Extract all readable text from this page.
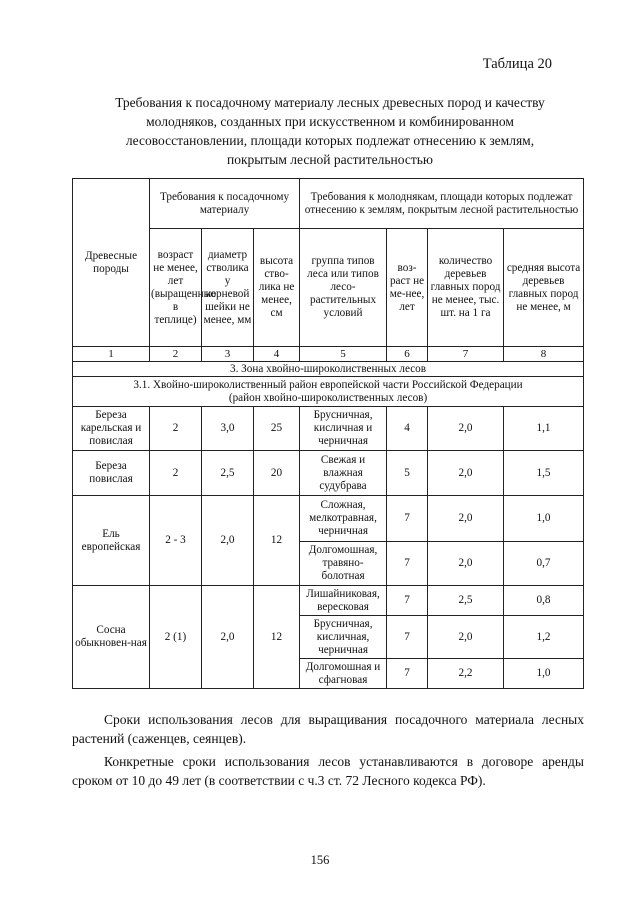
Таблица 20
Требования к посадочному материалу лесных древесных пород и качеству
молодняков, созданных при искусственном и комбинированном
лесовосстановлении, площади которых подлежат отнесению к землям,
покрытым лесной растительностью
Древесные породы	Требования к посадочному материалу			Требования к молоднякам, площади которых подлежат отнесению к землям, покрытым лесной растительностью			
	возраст не менее, лет (выращенные в теплице)	диаметр стволика у корневой шейки не менее, мм	высота ство-лика не менее, см	группа типов леса или типов лесо-растительных условий	воз-раст не ме-нее, лет	количество деревьев главных пород не менее, тыс. шт. на 1 га	средняя высота деревьев главных пород не менее, м
1	2	3	4	5	6	7	8
3. Зона хвойно-широколиственных лесов							

3.1. Хвойно-широколиственный район европейской части Российской Федерации
(район хвойно-широколиственных лесов)							

Береза карельская и повислая	2	3,0	25	Брусничная, кисличная и черничная	4	2,0	1,1
Береза повислая	2	2,5	20	Свежая и влажная судубрава	5	2,0	1,5
Ель европейская	2 - 3	2,0	12	Сложная, мелкотравная, черничная	7	2,0	1,0
				Долгомошная, травяно-болотная	7	2,0	0,7
Сосна обыкновен-ная	2 (1)	2,0	12	Лишайниковая, вересковая	7	2,5	0,8
				Брусничная, кисличная, черничная	7	2,0	1,2
				Долгомошная и сфагновая	7	2,2	1,0
Сроки использования лесов для выращивания посадочного материала лесных растений (саженцев, сеянцев).
Конкретные сроки использования лесов устанавливаются в договоре аренды сроком от 10 до 49 лет (в соответствии с ч.3 ст. 72 Лесного кодекса РФ).
156
